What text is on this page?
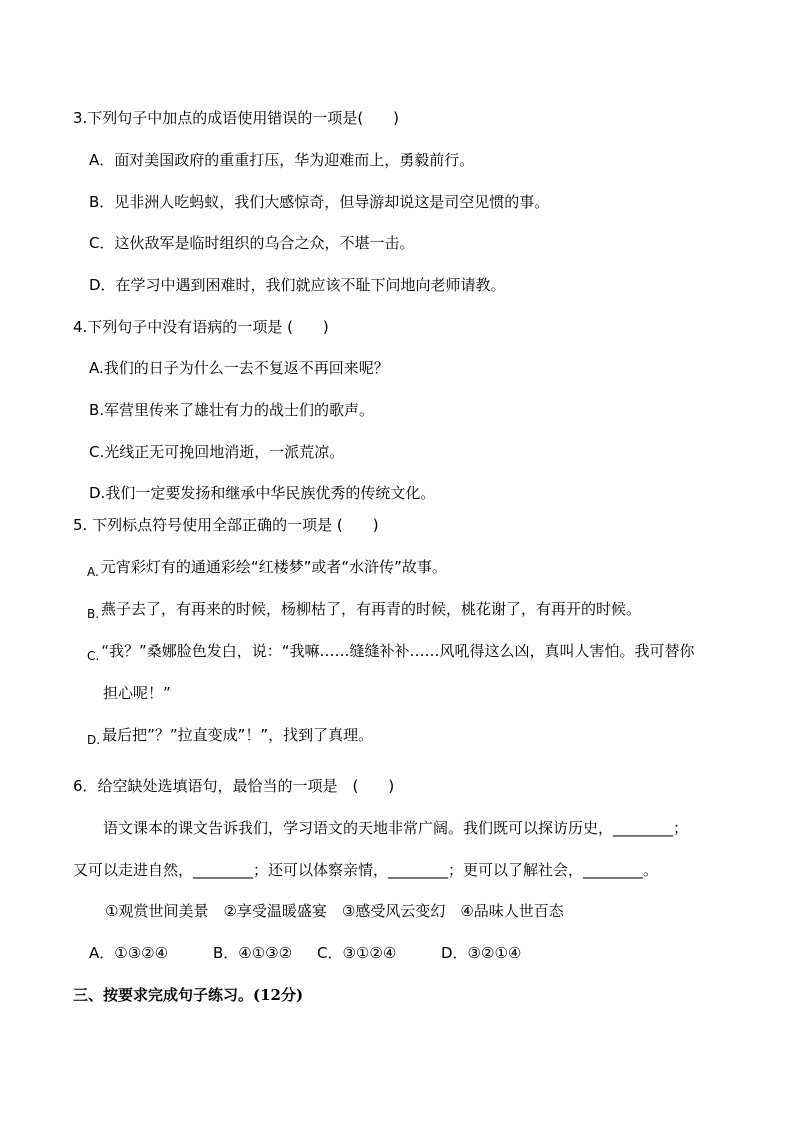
3.下列句子中加点的成语使用错误的一项是(　　)
A．面对美国政府的重重打压，华为迎难而上，勇毅前行。
B．见非洲人吃蚂蚁，我们大感惊奇，但导游却说这是司空见惯的事。
C．这伙敌军是临时组织的乌合之众，不堪一击。
D．在学习中遇到困难时，我们就应该不耻下问地向老师请教。
4.下列句子中没有语病的一项是 (　　)
A.我们的日子为什么一去不复返不再回来呢？
B.军营里传来了雄壮有力的战士们的歌声。
C.光线正无可挽回地消逝，一派荒凉。
D.我们一定要发扬和继承中华民族优秀的传统文化。
5. 下列标点符号使用全部正确的一项是 (　　)
$_{A.}$ 元宵彩灯有的通通彩绘“红楼梦”或者“水浒传”故事。
$_{B.}$ 燕子去了，有再来的时候，杨柳枯了，有再青的时候，桃花谢了，有再开的时候。
$_{C.}$ “我？”桑娜脸色发白，说：“我嘛……缝缝补补……风吼得这么凶，真叫人害怕。我可替你
担心呢！”
$_{D.}$ 最后把”？”拉直变成”！”，找到了真理。
6．给空缺处选填语句，最恰当的一项是　(　　)
语文课本的课文告诉我们，学习语文的天地非常广阔。我们既可以探访历史，________；
又可以走进自然，________；还可以体察亲情，________；更可以了解社会，________。
①观赏世间美景　②享受温暖盛宴　③感受风云变幻　④品味人世百态
A．①③②④	B．④①③② C．③①②④	D．③②①④
三、按要求完成句子练习。(12分)
